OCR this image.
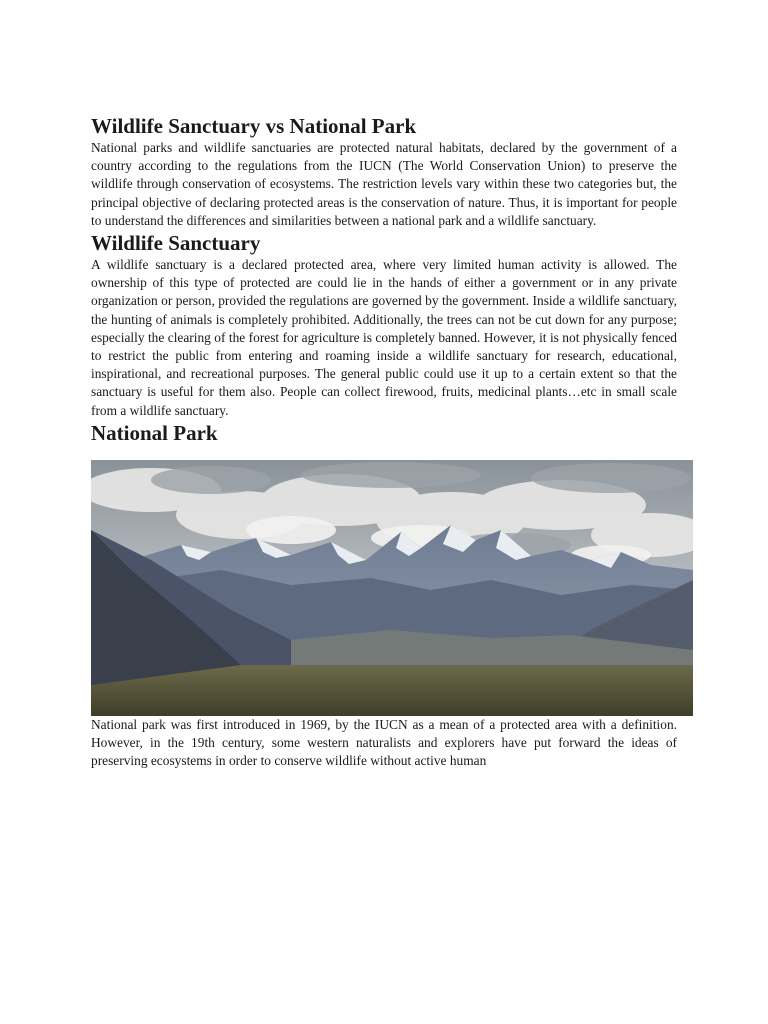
Wildlife Sanctuary vs National Park

National parks and wildlife sanctuaries are protected natural habitats, declared by the government of a country according to the regulations from the IUCN (The World Conservation Union) to preserve the wildlife through conservation of ecosystems. The restriction levels vary within these two categories but, the principal objective of declaring protected areas is the conservation of nature. Thus, it is important for people to understand the differences and similarities between a national park and a wildlife sanctuary.

Wildlife Sanctuary

A wildlife sanctuary is a declared protected area, where very limited human activity is allowed. The ownership of this type of protected are could lie in the hands of either a government or in any private organization or person, provided the regulations are governed by the government. Inside a wildlife sanctuary, the hunting of animals is completely prohibited. Additionally, the trees can not be cut down for any purpose; especially the clearing of the forest for agriculture is completely banned. However, it is not physically fenced to restrict the public from entering and roaming inside a wildlife sanctuary for research, educational, inspirational, and recreational purposes. The general public could use it up to a certain extent so that the sanctuary is useful for them also. People can collect firewood, fruits, medicinal plants…etc in small scale from a wildlife sanctuary.

National Park

National park was first introduced in 1969, by the IUCN as a mean of a protected area with a definition. However, in the 19th century, some western naturalists and explorers have put forward the ideas of preserving ecosystems in order to conserve wildlife without active human
